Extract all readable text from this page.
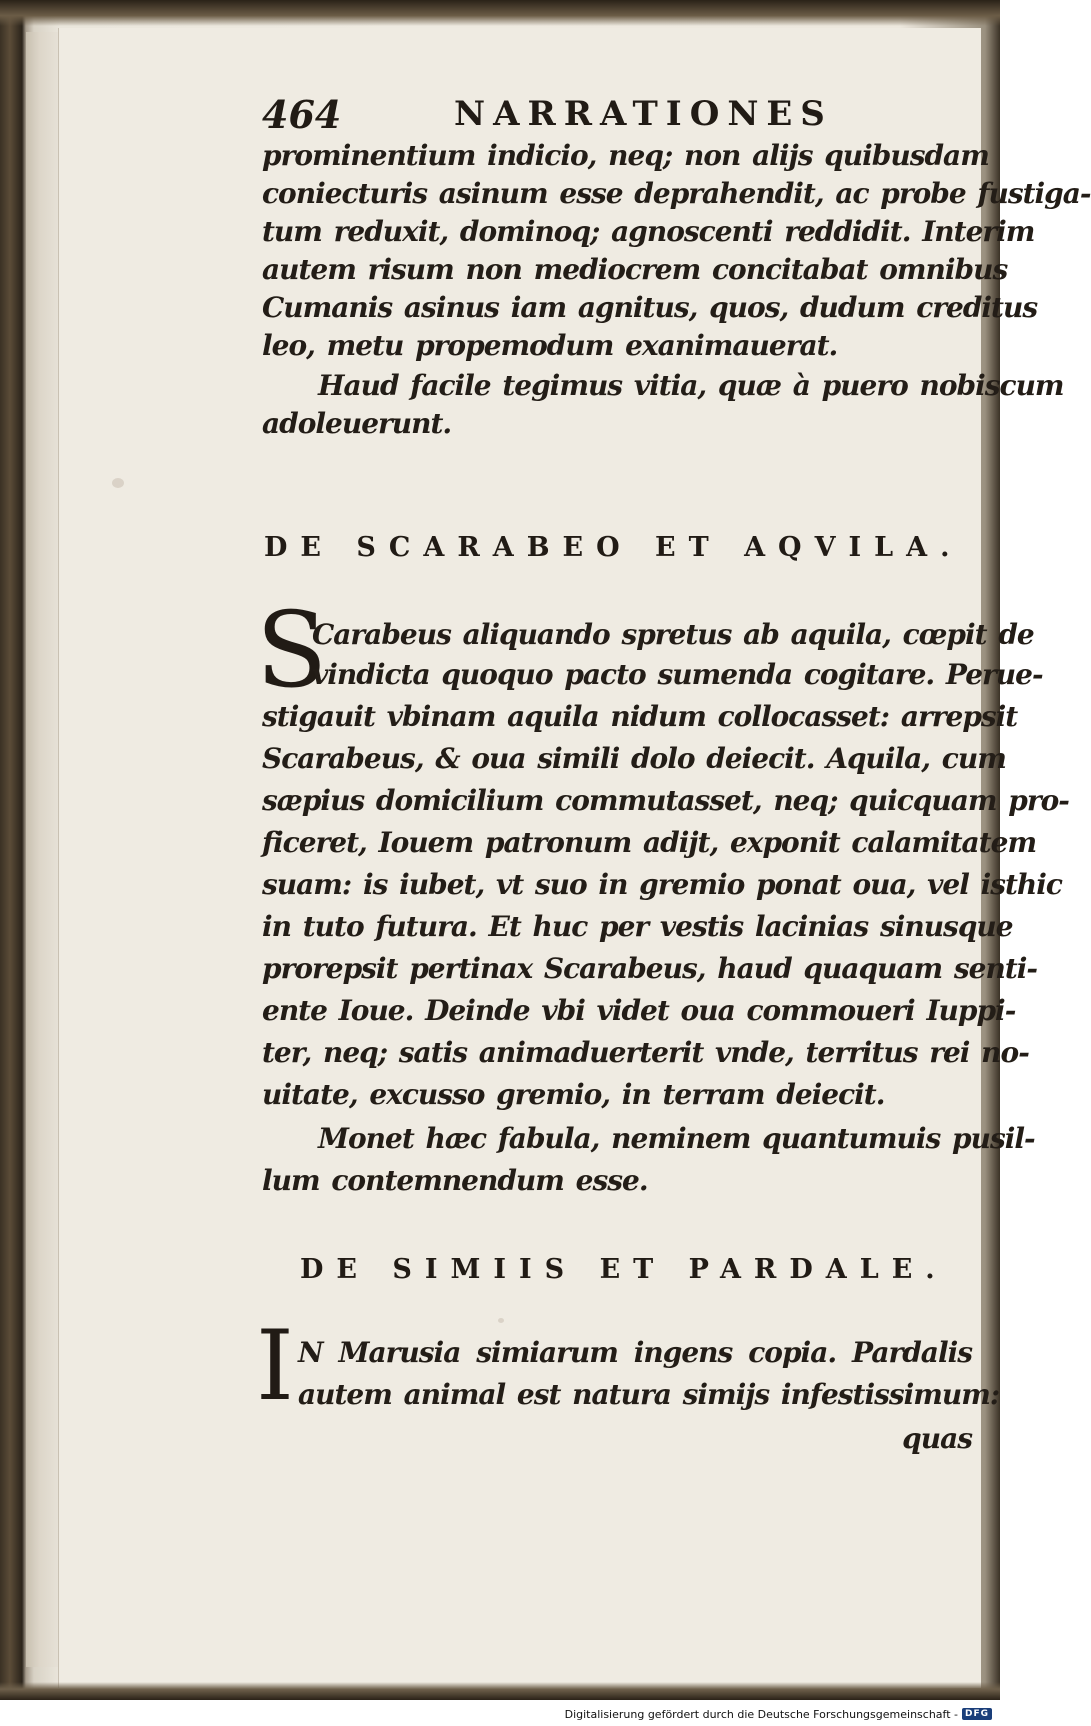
464	NARRATIONES
prominentium indicio, neq; non alijs quibusdam
coniecturis asinum esse deprahendit, ac probe fustiga-
tum reduxit, dominoq; agnoscenti reddidit. Interim
autem risum non mediocrem concitabat omnibus
Cumanis asinus iam agnitus, quos, dudum creditus
leo, metu propemodum exanimauerat.
Haud facile tegimus vitia, quæ à puero nobiscum
adoleuerunt.
DE SCARABEO ET AQVILA.
S
Carabeus aliquando spretus ab aquila, cœpit de
vindicta quoquo pacto sumenda cogitare. Perue-
stigauit vbinam aquila nidum collocasset: arrepsit
Scarabeus, & oua simili dolo deiecit. Aquila, cum
sæpius domicilium commutasset, neq; quicquam pro-
ficeret, Iouem patronum adijt, exponit calamitatem
suam: is iubet, vt suo in gremio ponat oua, vel isthic
in tuto futura. Et huc per vestis lacinias sinusque
prorepsit pertinax Scarabeus, haud quaquam senti-
ente Ioue. Deinde vbi videt oua commoueri Iuppi-
ter, neq; satis animaduerterit vnde, territus rei no-
uitate, excusso gremio, in terram deiecit.
Monet hæc fabula, neminem quantumuis pusil-
lum contemnendum esse.
DE SIMIIS ET PARDALE.
I N Marusia simiarum ingens copia. Pardalis
autem animal est natura simijs infestissimum:
quas
Digitalisierung gefördert durch die Deutsche Forschungsgemeinschaft - DFG
